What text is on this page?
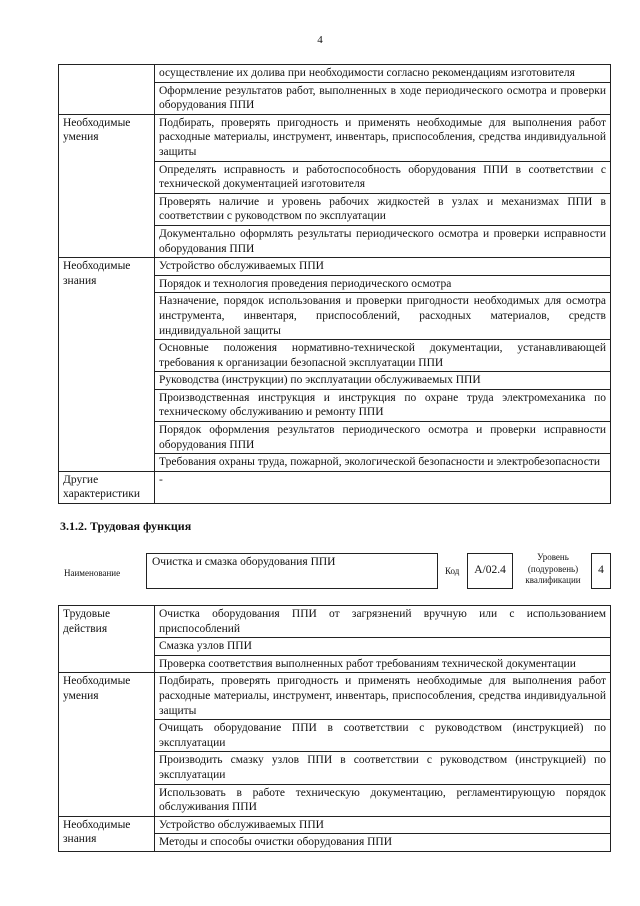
4
	осуществление их долива при необходимости согласно рекомендациям изготовителя
	Оформление результатов работ, выполненных в ходе периодического осмотра и проверки оборудования ППИ
Необходимые умения	Подбирать, проверять пригодность и применять необходимые для выполнения работ расходные материалы, инструмент, инвентарь, приспособления, средства индивидуальной защиты
	Определять исправность и работоспособность оборудования ППИ в соответствии с технической документацией изготовителя
	Проверять наличие и уровень рабочих жидкостей в узлах и механизмах ППИ в соответствии с руководством по эксплуатации
	Документально оформлять результаты периодического осмотра и проверки исправности оборудования ППИ
Необходимые знания	Устройство обслуживаемых ППИ
	Порядок и технология проведения периодического осмотра
	Назначение, порядок использования и проверки пригодности необходимых для осмотра инструмента, инвентаря, приспособлений, расходных материалов, средств индивидуальной защиты
	Основные положения нормативно-технической документации, устанавливающей требования к организации безопасной эксплуатации ППИ
	Руководства (инструкции) по эксплуатации обслуживаемых ППИ
	Производственная инструкция и инструкция по охране труда электромеханика по техническому обслуживанию и ремонту ППИ
	Порядок оформления результатов периодического осмотра и проверки исправности оборудования ППИ
	Требования охраны труда, пожарной, экологической безопасности и электробезопасности
Другие характеристики	-
3.1.2. Трудовая функция
Наименование
Очистка и смазка оборудования ППИ
Код	А/02.4
Уровень (подуровень) квалификации
4
Трудовые действия	Очистка оборудования ППИ от загрязнений вручную или с использованием приспособлений
	Смазка узлов ППИ
	Проверка соответствия выполненных работ требованиям технической документации
Необходимые умения	Подбирать, проверять пригодность и применять необходимые для выполнения работ расходные материалы, инструмент, инвентарь, приспособления, средства индивидуальной защиты
	Очищать оборудование ППИ в соответствии с руководством (инструкцией) по эксплуатации
	Производить смазку узлов ППИ в соответствии с руководством (инструкцией) по эксплуатации
	Использовать в работе техническую документацию, регламентирующую порядок обслуживания ППИ
Необходимые знания	Устройство обслуживаемых ППИ
	Методы и способы очистки оборудования ППИ
